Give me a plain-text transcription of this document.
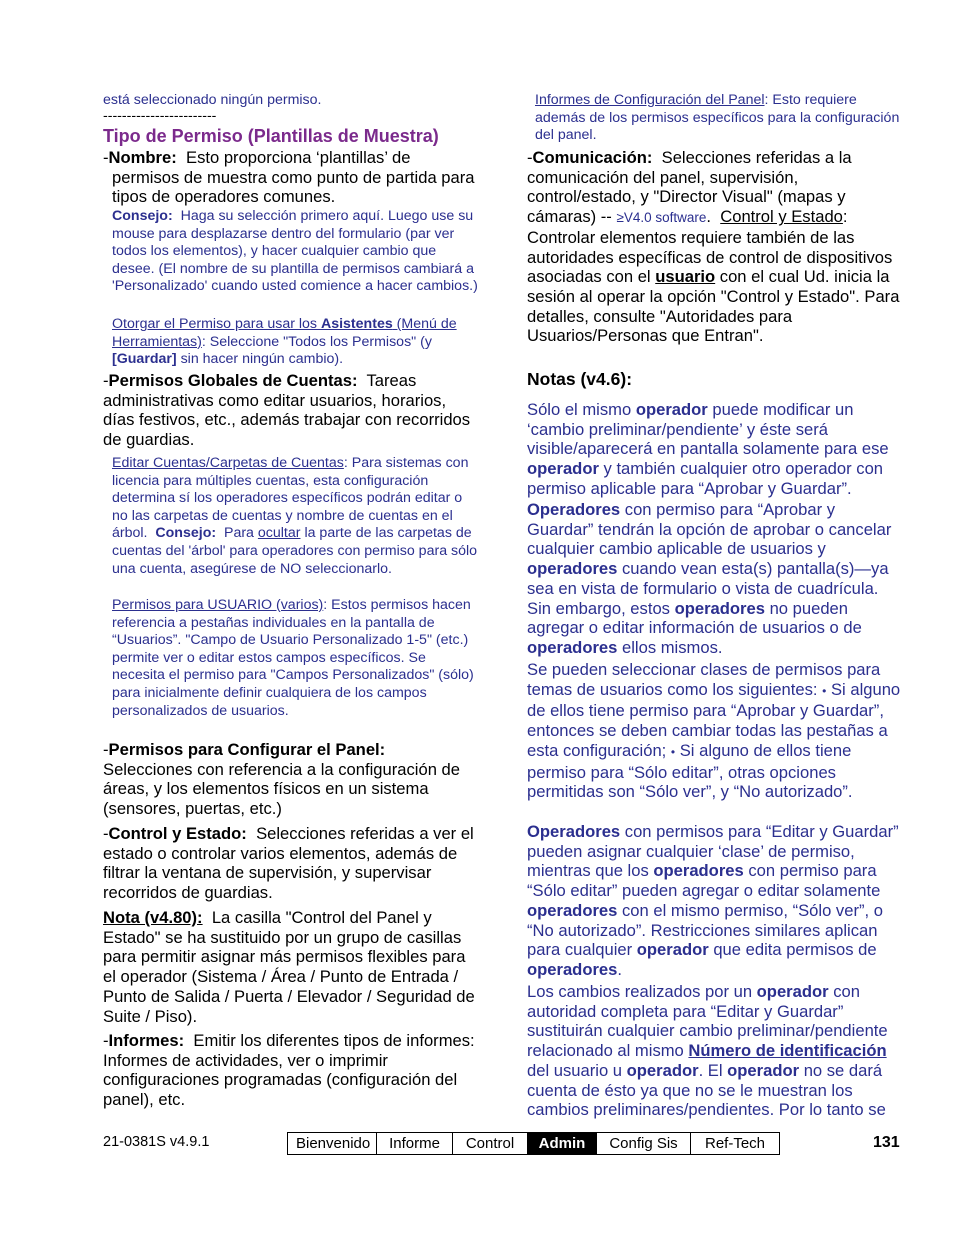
está seleccionado ningún permiso.
------------------------
Tipo de Permiso (Plantillas de Muestra)

-Nombre: Esto proporciona ‘plantillas’ de permisos de muestra como punto de partida para tipos de operadores comunes.

Consejo: Haga su selección primero aquí. Luego use su mouse para desplazarse dentro del formulario (par ver todos los elementos), y hacer cualquier cambio que desee. (El nombre de su plantilla de permisos cambiará a 'Personalizado' cuando usted comience a hacer cambios.)
Otorgar el Permiso para usar los Asistentes (Menú de Herramientas): Seleccione "Todos los Permisos" (y [Guardar] sin hacer ningún cambio).

-Permisos Globales de Cuentas: Tareas administrativas como editar usuarios, horarios, días festivos, etc., además trabajar con recorridos de guardias.

Editar Cuentas/Carpetas de Cuentas: Para sistemas con licencia para múltiples cuentas, esta configuración determina sí los operadores específicos podrán editar o no las carpetas de cuentas y nombre de cuentas en el árbol. Consejo: Para ocultar la parte de las carpetas de cuentas del 'árbol' para operadores con permiso para sólo una cuenta, asegúrese de NO seleccionarlo.
Permisos para USUARIO (varios): Estos permisos hacen referencia a pestañas individuales en la pantalla de “Usuarios”. "Campo de Usuario Personalizado 1-5" (etc.) permite ver o editar estos campos específicos. Se necesita el permiso para "Campos Personalizados" (sólo) para inicialmente definir cualquiera de los campos personalizados de usuarios.

-Permisos para Configurar el Panel:
Selecciones con referencia a la configuración de áreas, y los elementos físicos en un sistema (sensores, puertas, etc.)

-Control y Estado: Selecciones referidas a ver el estado o controlar varios elementos, además de filtrar la ventana de supervisión, y supervisar recorridos de guardias.

Nota (v4.80): La casilla "Control del Panel y Estado" se ha sustituido por un grupo de casillas para permitir asignar más permisos flexibles para el operador (Sistema / Área / Punto de Entrada / Punto de Salida / Puerta / Elevador / Seguridad de Suite / Piso).

-Informes: Emitir los diferentes tipos de informes: Informes de actividades, ver o imprimir configuraciones programadas (configuración del panel), etc.

Informes de Configuración del Panel: Esto requiere además de los permisos específicos para la configuración del panel.

-Comunicación: Selecciones referidas a la comunicación del panel, supervisión, control/estado, y "Director Visual" (mapas y cámaras) -- ≥V4.0 software.  Control y Estado: Controlar elementos requiere también de las autoridades específicas de control de dispositivos asociadas con el usuario con el cual Ud. inicia la sesión al operar la opción "Control y Estado". Para detalles, consulte "Autoridades para Usuarios/Personas que Entran".

Notas (v4.6):
Sólo el mismo operador puede modificar un ‘cambio preliminar/pendiente’ y éste será visible/aparecerá en pantalla solamente para ese operador y también cualquier otro operador con permiso aplicable para “Aprobar y Guardar”.
Operadores con permiso para “Aprobar y Guardar” tendrán la opción de aprobar o cancelar cualquier cambio aplicable de usuarios y operadores cuando vean esta(s) pantalla(s)—ya sea en vista de formulario o vista de cuadrícula. Sin embargo, estos operadores no pueden agregar o editar información de usuarios o de operadores ellos mismos.
Se pueden seleccionar clases de permisos para temas de usuarios como los siguientes: • Si alguno de ellos tiene permiso para “Aprobar y Guardar”, entonces se deben cambiar todas las pestañas a esta configuración; • Si alguno de ellos tiene permiso para “Sólo editar”, otras opciones permitidas son “Sólo ver”, y “No autorizado”.
Operadores con permisos para “Editar y Guardar” pueden asignar cualquier ‘clase’ de permiso, mientras que los operadores con permiso para “Sólo editar” pueden agregar o editar solamente operadores con el mismo permiso, “Sólo ver”, o “No autorizado”. Restricciones similares aplican para cualquier operador que edita permisos de operadores.
Los cambios realizados por un operador con autoridad completa para “Editar y Guardar” sustituirán cualquier cambio preliminar/pendiente relacionado al mismo Número de identificación del usuario u operador. El operador no se dará cuenta de ésto ya que no se le muestran los cambios preliminares/pendientes. Por lo tanto se
21-0381S v4.9.1	Bienvenido	Informe	Control	Admin	Config Sis	Ref-Tech	131
